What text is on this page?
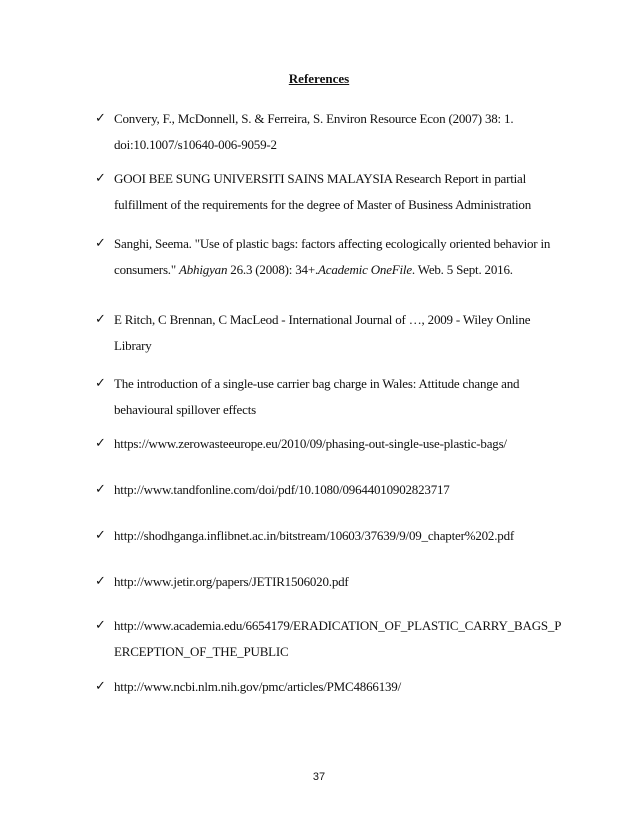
References
✓ Convery, F., McDonnell, S. & Ferreira, S. Environ Resource Econ (2007) 38: 1.
doi:10.1007/s10640-006-9059-2
✓ GOOI BEE SUNG UNIVERSITI SAINS MALAYSIA Research Report in partial
fulfillment of the requirements for the degree of Master of Business Administration
✓ Sanghi, Seema. "Use of plastic bags: factors affecting ecologically oriented behavior in
consumers." Abhigyan 26.3 (2008): 34+.Academic OneFile. Web. 5 Sept. 2016.
✓ E Ritch, C Brennan, C MacLeod - International Journal of …, 2009 - Wiley Online
Library
✓ The introduction of a single-use carrier bag charge in Wales: Attitude change and
behavioural spillover effects
✓ https://www.zerowasteeurope.eu/2010/09/phasing-out-single-use-plastic-bags/
✓ http://www.tandfonline.com/doi/pdf/10.1080/09644010902823717
✓ http://shodhganga.inflibnet.ac.in/bitstream/10603/37639/9/09_chapter%202.pdf
✓ http://www.jetir.org/papers/JETIR1506020.pdf
✓ http://www.academia.edu/6654179/ERADICATION_OF_PLASTIC_CARRY_BAGS_P
ERCEPTION_OF_THE_PUBLIC
✓ http://www.ncbi.nlm.nih.gov/pmc/articles/PMC4866139/
37
